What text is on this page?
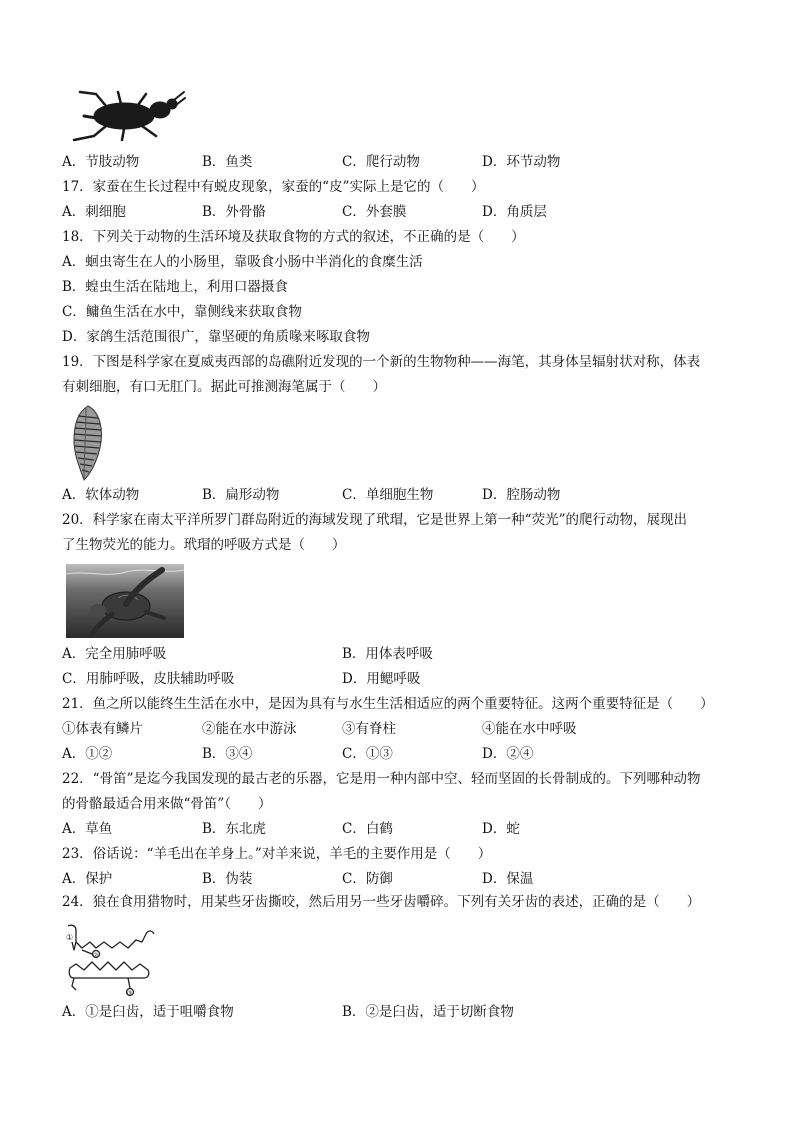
A．节肢动物	B．鱼类	C．爬行动物	D．环节动物
17．家蚕在生长过程中有蜕皮现象，家蚕的“皮”实际上是它的（　　）
A．刺细胞	B．外骨骼	C．外套膜	D．角质层
18．下列关于动物的生活环境及获取食物的方式的叙述，不正确的是（　　）
A．蛔虫寄生在人的小肠里，靠吸食小肠中半消化的食糜生活
B．蝗虫生活在陆地上，利用口器摄食
C．鳙鱼生活在水中，靠侧线来获取食物
D．家鸽生活范围很广，靠坚硬的角质喙来啄取食物
19．下图是科学家在夏威夷西部的岛礁附近发现的一个新的生物物种——海笔，其身体呈辐射状对称，体表
有刺细胞，有口无肛门。据此可推测海笔属于（　　）
A．软体动物	B．扁形动物	C．单细胞生物	D．腔肠动物
20．科学家在南太平洋所罗门群岛附近的海域发现了玳瑁，它是世界上第一种“荧光”的爬行动物，展现出
了生物荧光的能力。玳瑁的呼吸方式是（　　）
A．完全用肺呼吸	B．用体表呼吸
C．用肺呼吸，皮肤辅助呼吸	D．用鳃呼吸
21．鱼之所以能终生生活在水中，是因为具有与水生生活相适应的两个重要特征。这两个重要特征是（　　）
①体表有鳞片	②能在水中游泳	③有脊柱	④能在水中呼吸
A．①②	B．③④	C．①③	D．②④
22．“骨笛”是迄今我国发现的最古老的乐器，它是用一种内部中空、轻而坚固的长骨制成的。下列哪种动物
的骨骼最适合用来做“骨笛”（　　）
A．草鱼	B．东北虎	C．白鹤	D．蛇
23．俗话说：“羊毛出在羊身上。”对羊来说，羊毛的主要作用是（　　）
A．保护	B．伪装	C．防御	D．保温
24．狼在食用猎物时，用某些牙齿撕咬，然后用另一些牙齿嚼碎。下列有关牙齿的表述，正确的是（　　）
①
②
③
A．①是臼齿，适于咀嚼食物	B．②是臼齿，适于切断食物
